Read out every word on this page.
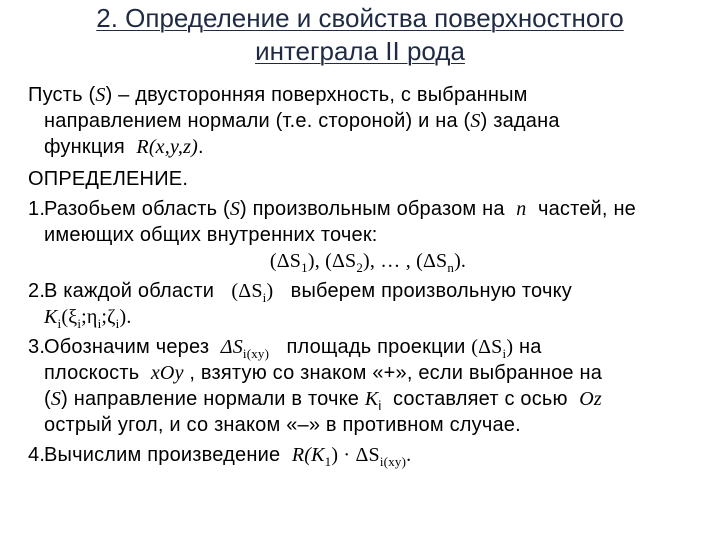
2. Определение и свойства поверхностного
интеграла II рода

Пусть (S) – двусторонняя поверхность, с выбранным

направлением нормали (т.е. стороной) и на (S) задана

функция R(x,y,z).

ОПРЕДЕЛЕНИЕ.

1.

Разобьем область (S) произвольным образом на n частей, не

имеющих общих внутренних точек:

$(\Delta S_1)$, $(\Delta S_2)$, … , $(\Delta S_n)$.

2.

В каждой области $(\Delta S_i)$ выберем произвольную точку

$K_i(\xi_i;\eta_i;\zeta_i)$.

3.

Обозначим через $\Delta S_{i(xy)}$ площадь проекции $(\Delta S_i)$ на

плоскость xOy , взятую со знаком «+», если выбранное на

(S) направление нормали в точке $K_i$ составляет с осью Oz

острый угол, и со знаком «–» в противном случае.

4.

Вычислим произведение $R(K_1) \cdot \Delta S_{i(xy)}$.
